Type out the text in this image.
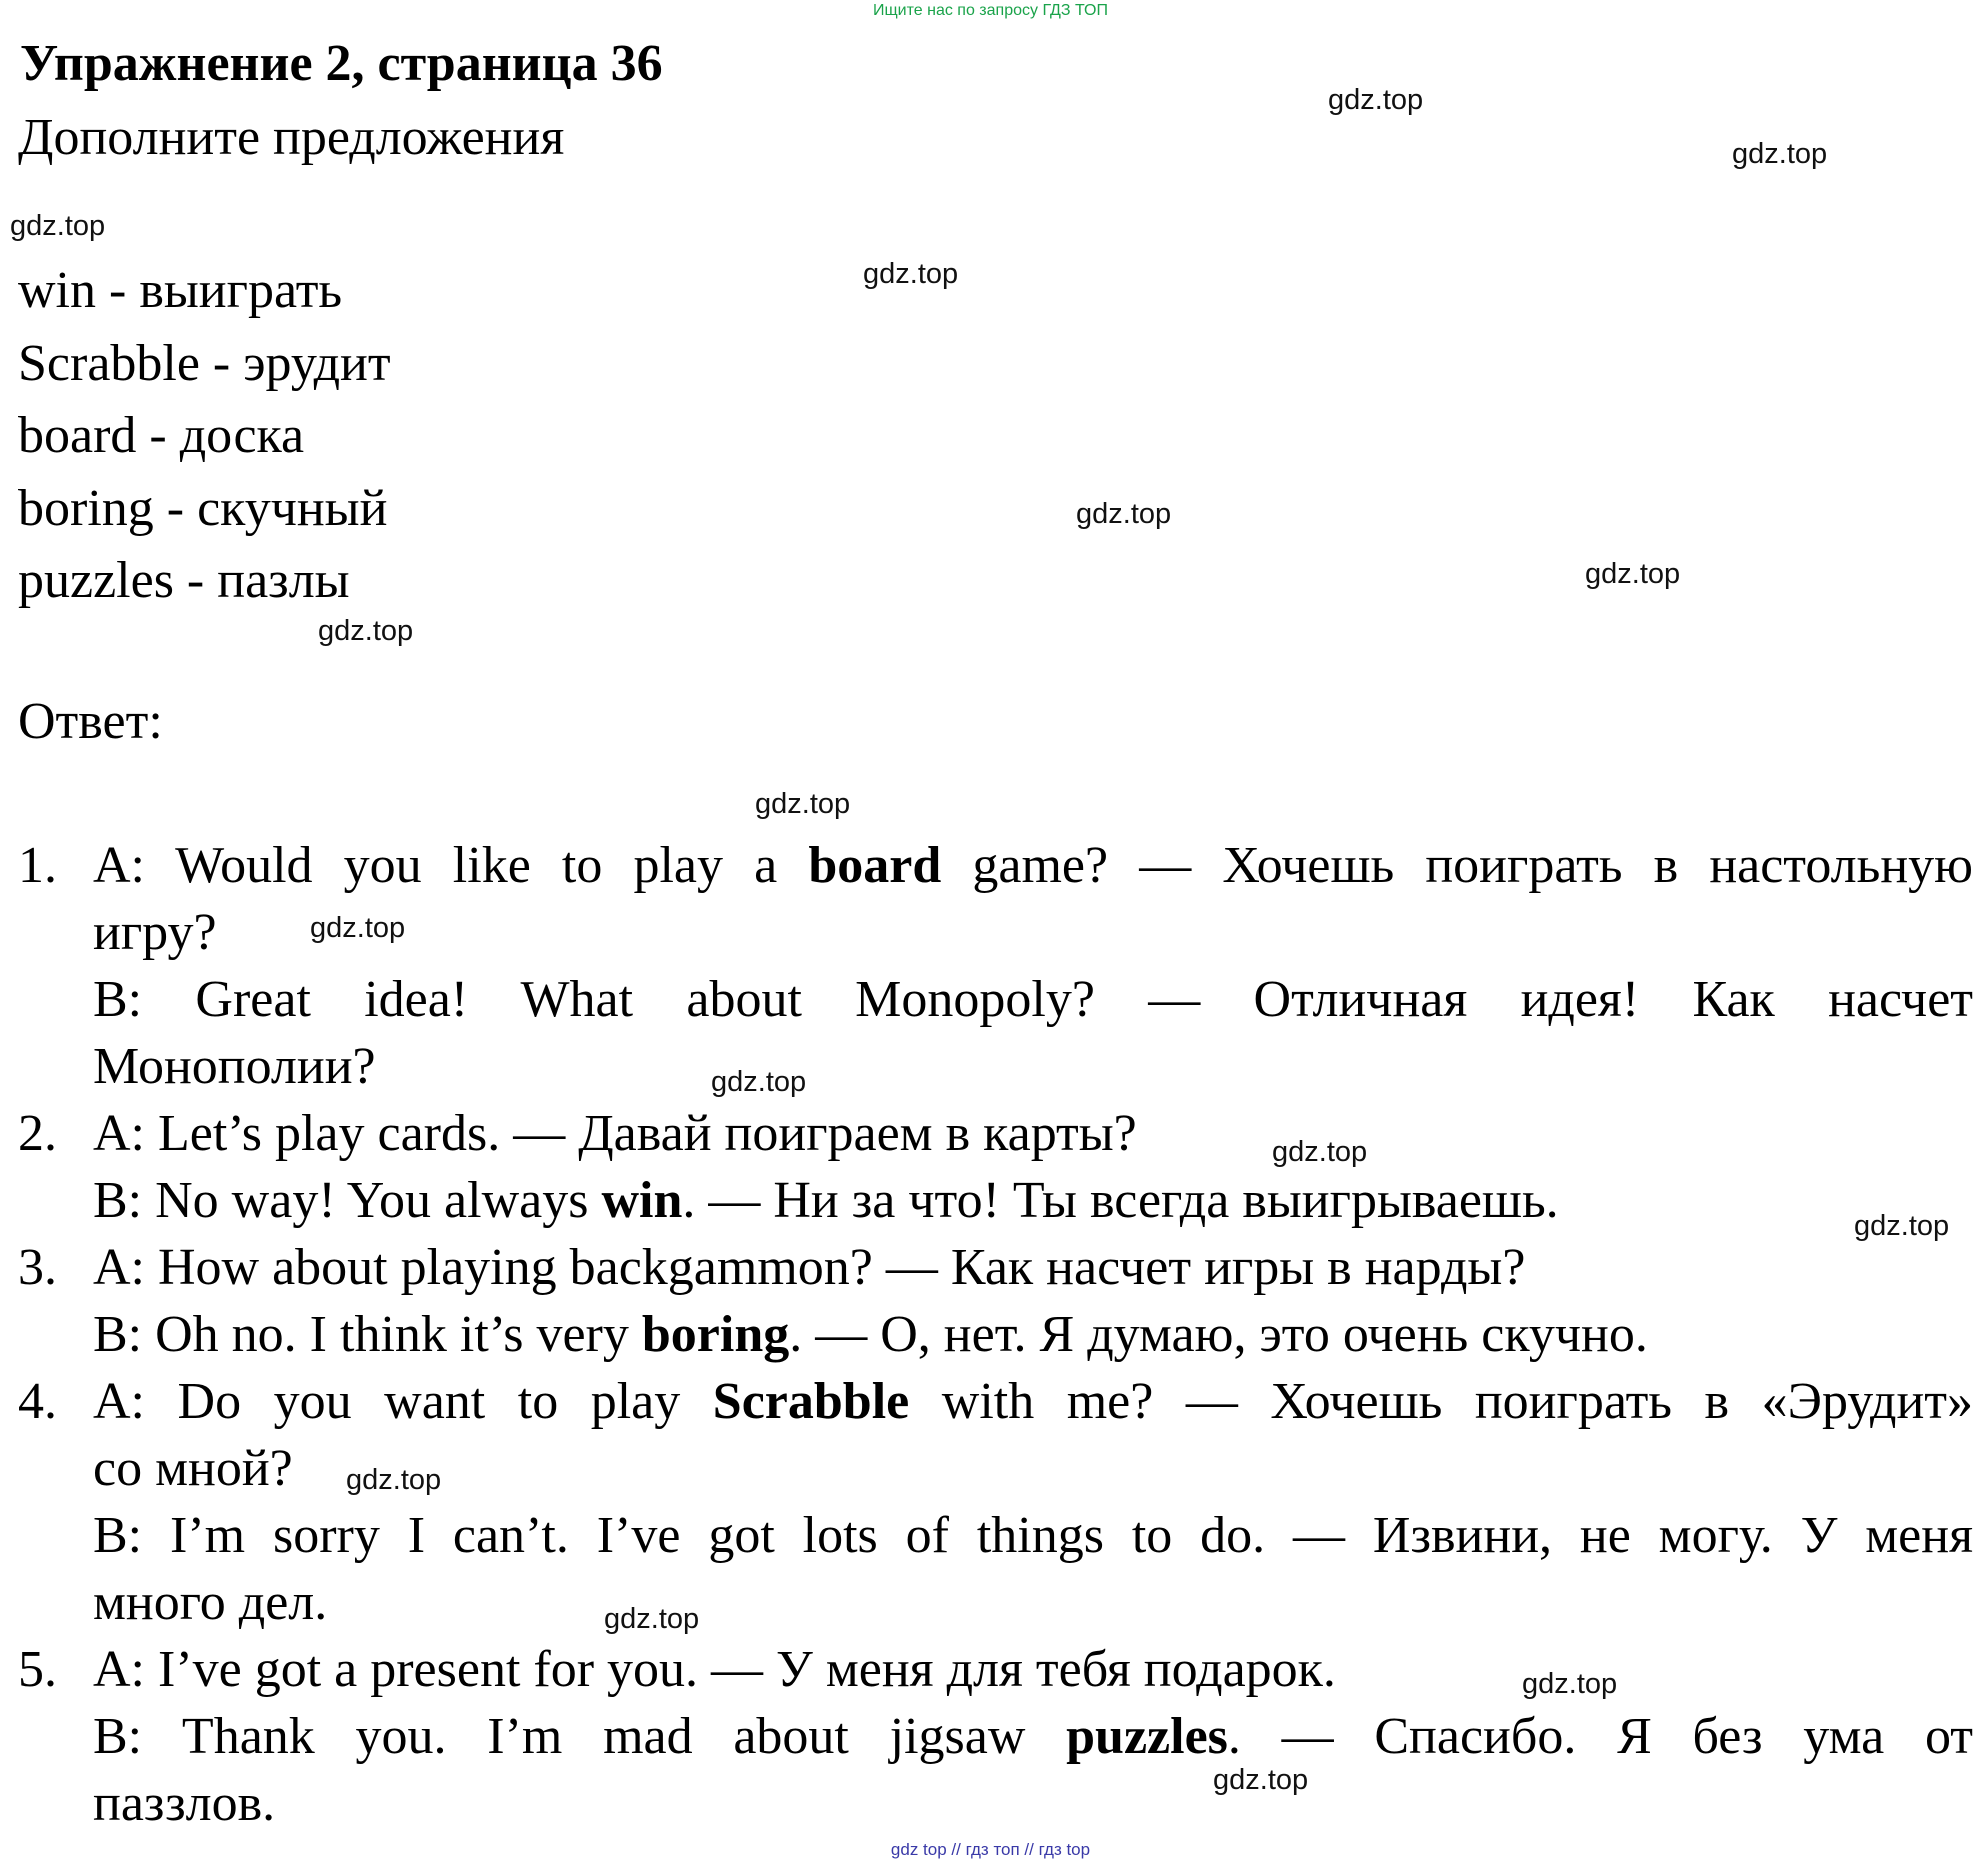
Ищите нас по запросу ГДЗ ТОП
Упражнение 2, страница 36
Дополните предложения
win - выиграть
Scrabble - эрудит
board - доска
boring - скучный
puzzles - пазлы
Ответ:
1. A: Would you like to play a board game? — Хочешь поиграть в настольную
игру?
B: Great idea! What about Monopoly? — Отличная идея! Как насчет
Монополии?
2. A: Let’s play cards. — Давай поиграем в карты?
B: No way! You always win. — Ни за что! Ты всегда выигрываешь.
3. A: How about playing backgammon? — Как насчет игры в нарды?
B: Oh no. I think it’s very boring. — О, нет. Я думаю, это очень скучно.
4. A: Do you want to play Scrabble with me? — Хочешь поиграть в «Эрудит»
со мной?
B: I’m sorry I can’t. I’ve got lots of things to do. — Извини, не могу. У меня
много дел.
5. A: I’ve got a present for you. — У меня для тебя подарок.
B: Thank you. I’m mad about jigsaw puzzles. — Спасибо. Я без ума от
паззлов.
gdz.top
gdz.top
gdz.top
gdz.top
gdz.top
gdz.top
gdz.top
gdz.top
gdz.top
gdz.top
gdz.top
gdz.top
gdz.top
gdz.top
gdz.top
gdz.top
gdz top // гдз топ // гдз top
